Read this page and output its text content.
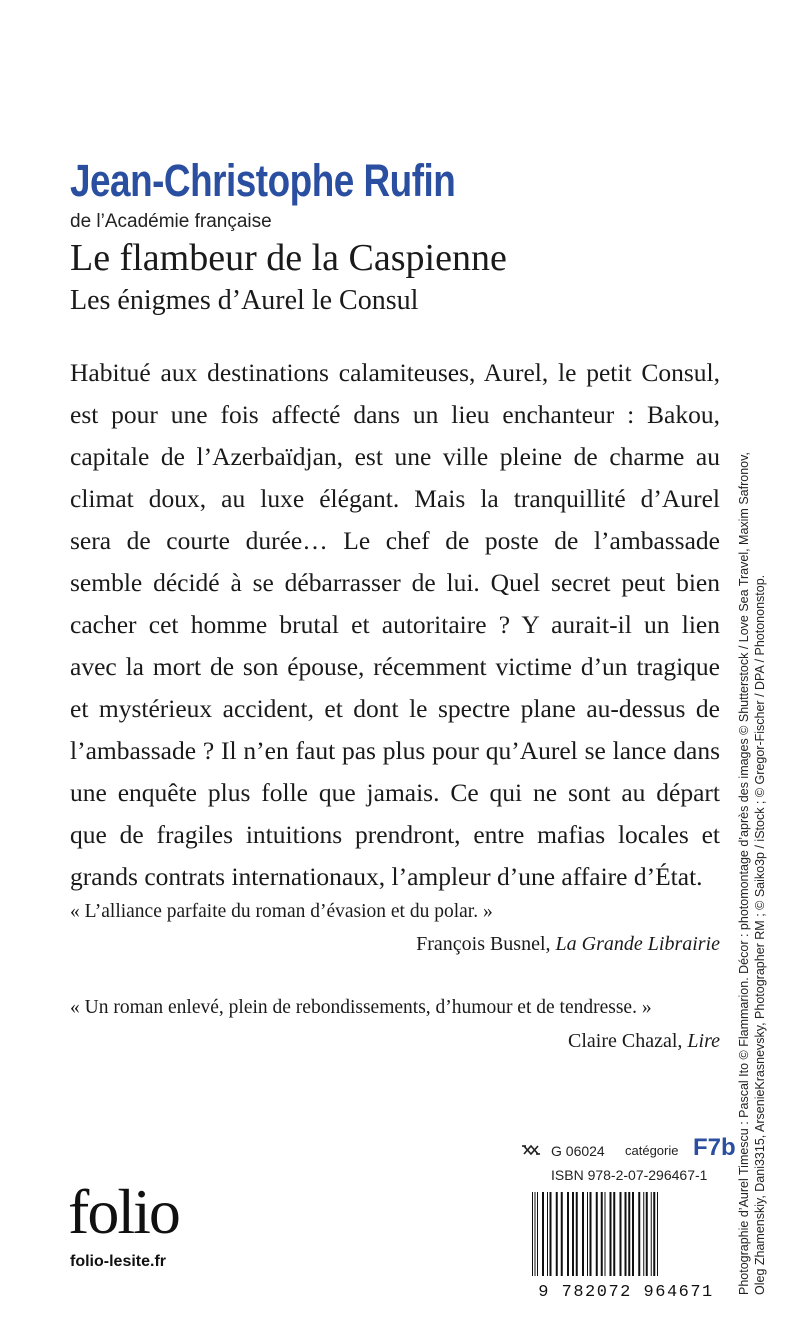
Jean-Christophe Rufin
de l’Académie française
Le flambeur de la Caspienne
Les énigmes d’Aurel le Consul
Habitué aux destinations calamiteuses, Aurel, le petit Consul,
est pour une fois affecté dans un lieu enchanteur : Bakou,
capitale de l’Azerbaïdjan, est une ville pleine de charme au
climat doux, au luxe élégant. Mais la tranquillité d’Aurel
sera de courte durée… Le chef de poste de l’ambassade
semble décidé à se débarrasser de lui. Quel secret peut bien
cacher cet homme brutal et autoritaire ? Y aurait-il un lien
avec la mort de son épouse, récemment victime d’un tragique
et mystérieux accident, et dont le spectre plane au-dessus de
l’ambassade ? Il n’en faut pas plus pour qu’Aurel se lance dans
une enquête plus folle que jamais. Ce qui ne sont au départ
que de fragiles intuitions prendront, entre mafias locales et
grands contrats internationaux, l’ampleur d’une affaire d’État.
« L’alliance parfaite du roman d’évasion et du polar. »
François Busnel, La Grande Librairie
« Un roman enlevé, plein de rebondissements, d’humour et de tendresse. »
Claire Chazal, Lire Photographie d’Aurel Timescu : Pascal Ito © Flammarion. Décor : photomontage d’après des images © Shutterstock / Love Sea Travel, Maxim Safronov, Oleg Zhamenskiy, Dani3315, ArsenieKrasnevsky, Photographer RM ; © Saiko3p / iStock ; © Gregor-Fischer / DPA / Photononstop.
folio
folio-lesite.fr
G 06024 catégorie F7b
ISBN 978-2-07-296467-1
9 782072 964671
